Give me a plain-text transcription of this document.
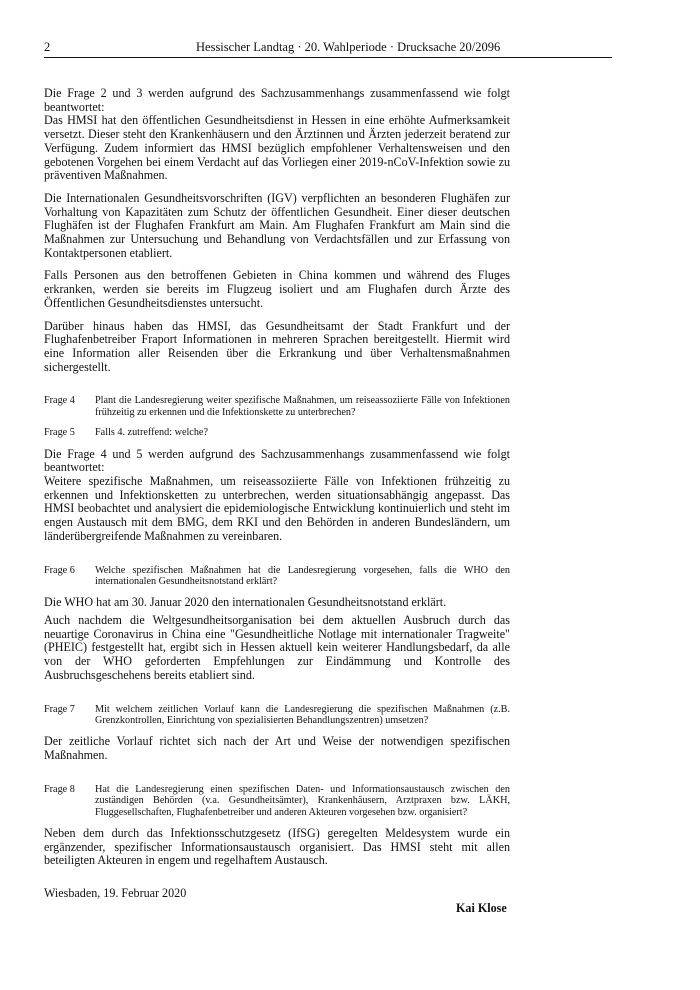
2	Hessischer Landtag · 20. Wahlperiode · Drucksache 20/2096

Die Frage 2 und 3 werden aufgrund des Sachzusammenhangs zusammenfassend wie folgt beantwortet:

Das HMSI hat den öffentlichen Gesundheitsdienst in Hessen in eine erhöhte Aufmerksamkeit versetzt. Dieser steht den Krankenhäusern und den Ärztinnen und Ärzten jederzeit beratend zur Verfügung. Zudem informiert das HMSI bezüglich empfohlener Verhaltensweisen und den gebotenen Vorgehen bei einem Verdacht auf das Vorliegen einer 2019-nCoV-Infektion sowie zu präventiven Maßnahmen.

Die Internationalen Gesundheitsvorschriften (IGV) verpflichten an besonderen Flughäfen zur Vorhaltung von Kapazitäten zum Schutz der öffentlichen Gesundheit. Einer dieser deutschen Flughäfen ist der Flughafen Frankfurt am Main. Am Flughafen Frankfurt am Main sind die Maßnahmen zur Untersuchung und Behandlung von Verdachtsfällen und zur Erfassung von Kontaktpersonen etabliert.

Falls Personen aus den betroffenen Gebieten in China kommen und während des Fluges erkranken, werden sie bereits im Flugzeug isoliert und am Flughafen durch Ärzte des Öffentlichen Gesundheitsdienstes untersucht.

Darüber hinaus haben das HMSI, das Gesundheitsamt der Stadt Frankfurt und der Flughafenbetreiber Fraport Informationen in mehreren Sprachen bereitgestellt. Hiermit wird eine Information aller Reisenden über die Erkrankung und über Verhaltensmaßnahmen sichergestellt.

Frage 4	Plant die Landesregierung weiter spezifische Maßnahmen, um reiseassoziierte Fälle von Infektionen frühzeitig zu erkennen und die Infektionskette zu unterbrechen?
Frage 5	Falls 4. zutreffend: welche?

Die Frage 4 und 5 werden aufgrund des Sachzusammenhangs zusammenfassend wie folgt beantwortet:

Weitere spezifische Maßnahmen, um reiseassoziierte Fälle von Infektionen frühzeitig zu erkennen und Infektionsketten zu unterbrechen, werden situationsabhängig angepasst. Das HMSI beobachtet und analysiert die epidemiologische Entwicklung kontinuierlich und steht im engen Austausch mit dem BMG, dem RKI und den Behörden in anderen Bundesländern, um länderübergreifende Maßnahmen zu vereinbaren.

Frage 6	Welche spezifischen Maßnahmen hat die Landesregierung vorgesehen, falls die WHO den internationalen Gesundheitsnotstand erklärt?

Die WHO hat am 30. Januar 2020 den internationalen Gesundheitsnotstand erklärt.

Auch nachdem die Weltgesundheitsorganisation bei dem aktuellen Ausbruch durch das neuartige Coronavirus in China eine "Gesundheitliche Notlage mit internationaler Tragweite" (PHEIC) festgestellt hat, ergibt sich in Hessen aktuell kein weiterer Handlungsbedarf, da alle von der WHO geforderten Empfehlungen zur Eindämmung und Kontrolle des Ausbruchsgeschehens bereits etabliert sind.

Frage 7	Mit welchem zeitlichen Vorlauf kann die Landesregierung die spezifischen Maßnahmen (z.B. Grenzkontrollen, Einrichtung von spezialisierten Behandlungszentren) umsetzen?

Der zeitliche Vorlauf richtet sich nach der Art und Weise der notwendigen spezifischen Maßnahmen.

Frage 8	Hat die Landesregierung einen spezifischen Daten- und Informationsaustausch zwischen den zuständigen Behörden (v.a. Gesundheitsämter), Krankenhäusern, Arztpraxen bzw. LÄKH, Fluggesellschaften, Flughafenbetreiber und anderen Akteuren vorgesehen bzw. organisiert?

Neben dem durch das Infektionsschutzgesetz (IfSG) geregelten Meldesystem wurde ein ergänzender, spezifischer Informationsaustausch organisiert. Das HMSI steht mit allen beteiligten Akteuren in engem und regelhaftem Austausch.

Wiesbaden, 19. Februar 2020
Kai Klose
